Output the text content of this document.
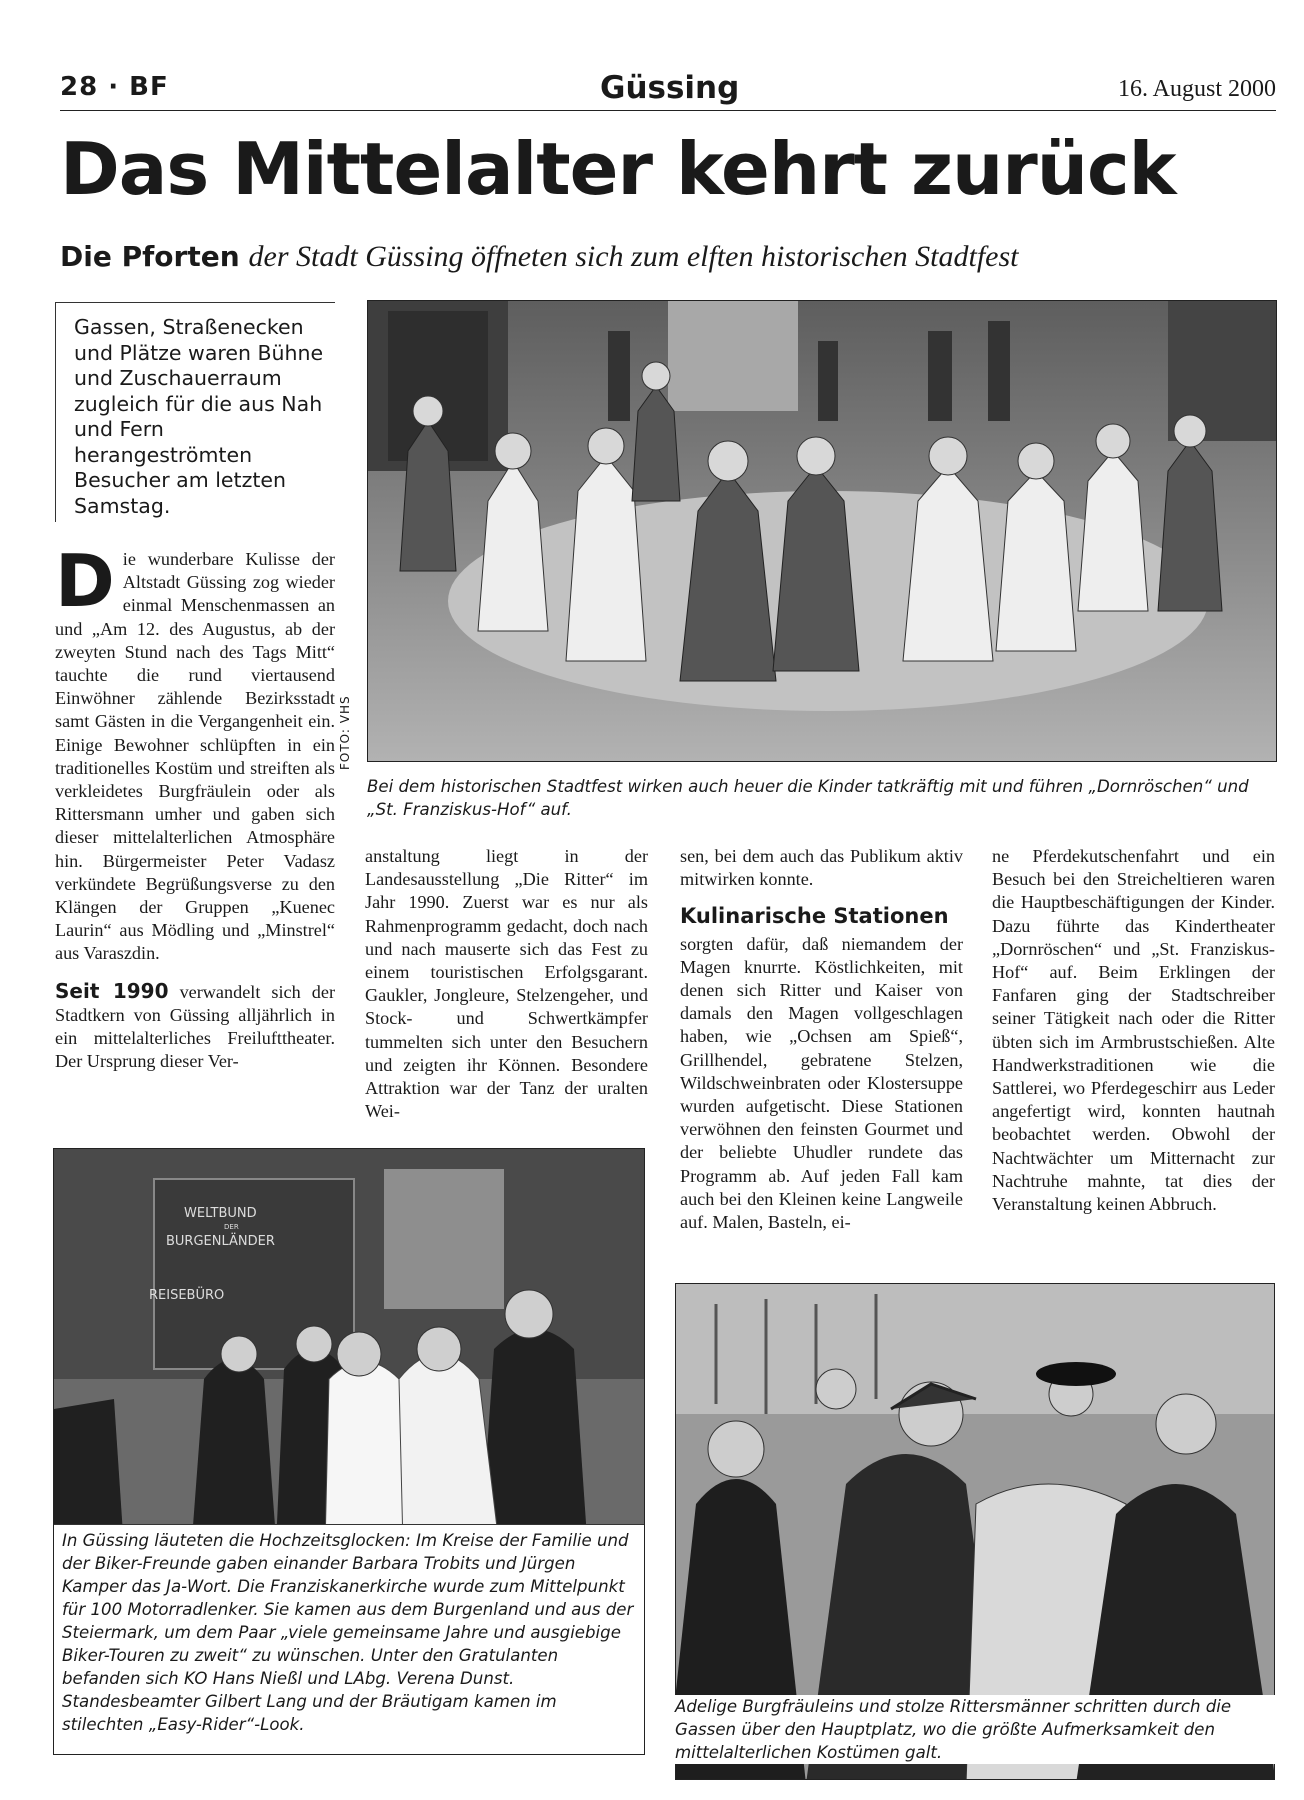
28 · BF	Güssing	16. August 2000
Das Mittelalter kehrt zurück
Die Pforten der Stadt Güssing öffneten sich zum elften historischen Stadtfest
Gassen, Straßenecken und Plätze waren Bühne und Zuschauerraum zugleich für die aus Nah und Fern herangeströmten Besucher am letzten Samstag.
FOTO: VHS
Bei dem historischen Stadtfest wirken auch heuer die Kinder tatkräftig mit und führen „Dornröschen“ und „St. Franziskus-Hof“ auf.

Die wunderbare Kulisse der Altstadt Güssing zog wieder einmal Menschenmassen an und „Am 12. des Augustus, ab der zweyten Stund nach des Tags Mitt“ tauchte die rund viertausend Einwöhner zählende Bezirksstadt samt Gästen in die Vergangenheit ein. Einige Bewohner schlüpften in ein traditionelles Kostüm und streiften als verkleidetes Burgfräulein oder als Rittersmann umher und gaben sich dieser mittelalterlichen Atmosphäre hin. Bürgermeister Peter Vadasz verkündete Begrüßungsverse zu den Klängen der Gruppen „Kuenec Laurin“ aus Mödling und „Minstrel“ aus Varaszdin.

Seit 1990 verwandelt sich der Stadtkern von Güssing alljährlich in ein mittelalterliches Freilufttheater. Der Ursprung dieser Ver-

anstaltung liegt in der Landesausstellung „Die Ritter“ im Jahr 1990. Zuerst war es nur als Rahmenprogramm gedacht, doch nach und nach mauserte sich das Fest zu einem touristischen Erfolgsgarant. Gaukler, Jongleure, Stelzengeher, und Stock- und Schwertkämpfer tummelten sich unter den Besuchern und zeigten ihr Können. Besondere Attraktion war der Tanz der uralten Wei-

sen, bei dem auch das Publikum aktiv mitwirken konnte.

Kulinarische Stationen

sorgten dafür, daß niemandem der Magen knurrte. Köstlichkeiten, mit denen sich Ritter und Kaiser von damals den Magen vollgeschlagen haben, wie „Ochsen am Spieß“, Grillhendel, gebratene Stelzen, Wildschweinbraten oder Klostersuppe wurden aufgetischt. Diese Stationen verwöhnen den feinsten Gourmet und der beliebte Uhudler rundete das Programm ab. Auf jeden Fall kam auch bei den Kleinen keine Langweile auf. Malen, Basteln, ei-

ne Pferdekutschenfahrt und ein Besuch bei den Streicheltieren waren die Hauptbeschäftigungen der Kinder. Dazu führte das Kindertheater „Dornröschen“ und „St. Franziskus-Hof“ auf. Beim Erklingen der Fanfaren ging der Stadtschreiber seiner Tätigkeit nach oder die Ritter übten sich im Armbrustschießen. Alte Handwerkstraditionen wie die Sattlerei, wo Pferdegeschirr aus Leder angefertigt wird, konnten hautnah beobachtet werden. Obwohl der Nachtwächter um Mitternacht zur Nachtruhe mahnte, tat dies der Veranstaltung keinen Abbruch.

WELTBUND
DER
BURGENLÄNDER
REISEBÜRO
In Güssing läuteten die Hochzeitsglocken: Im Kreise der Familie und der Biker-Freunde gaben einander Barbara Trobits und Jürgen Kamper das Ja-Wort. Die Franziskanerkirche wurde zum Mittelpunkt für 100 Motorradlenker. Sie kamen aus dem Burgenland und aus der Steiermark, um dem Paar „viele gemeinsame Jahre und ausgiebige Biker-Touren zu zweit“ zu wünschen. Unter den Gratulanten befanden sich KO Hans Nießl und LAbg. Verena Dunst. Standesbeamter Gilbert Lang und der Bräutigam kamen im stilechten „Easy-Rider“-Look.
Adelige Burgfräuleins und stolze Rittersmänner schritten durch die Gassen über den Hauptplatz, wo die größte Aufmerksamkeit den mittelalterlichen Kostümen galt.
